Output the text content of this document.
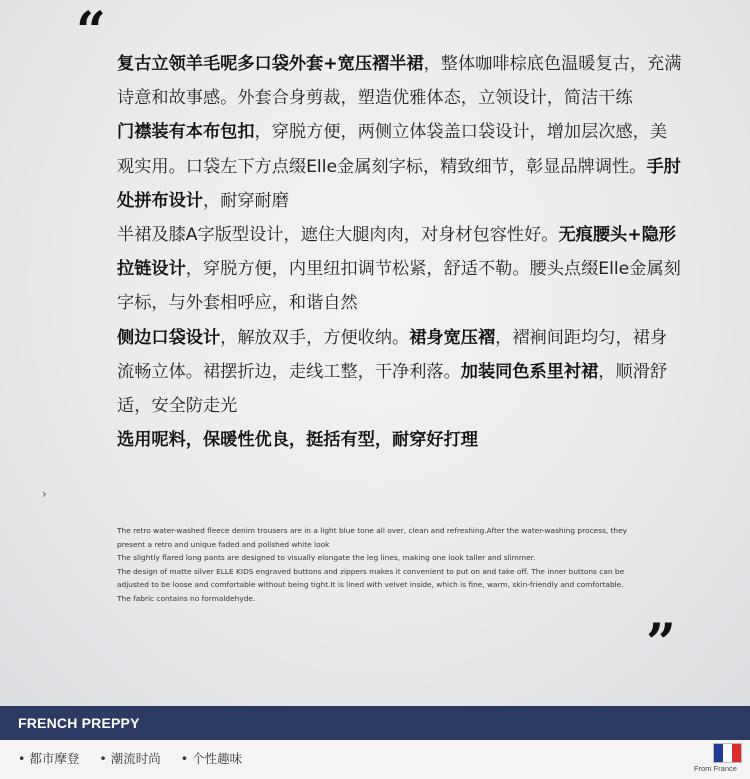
“
›

复古立领羊毛呢多口袋外套+宽压褶半裙，整体咖啡棕底色温暖复古，充满诗意和故事感。外套合身剪裁，塑造优雅体态，立领设计，简洁干练

门襟装有本布包扣，穿脱方便，两侧立体袋盖口袋设计，增加层次感，美观实用。口袋左下方点缀Elle金属刻字标，精致细节，彰显品牌调性。手肘处拼布设计，耐穿耐磨

半裙及膝A字版型设计，遮住大腿肉肉，对身材包容性好。无痕腰头+隐形拉链设计，穿脱方便，内里纽扣调节松紧，舒适不勒。腰头点缀Elle金属刻字标，与外套相呼应，和谐自然

侧边口袋设计，解放双手，方便收纳。裙身宽压褶，褶裥间距均匀，裙身流畅立体。裙摆折边，走线工整，干净利落。加装同色系里衬裙，顺滑舒适，安全防走光

选用呢料，保暖性优良，挺括有型，耐穿好打理

The retro water-washed fleece denim trousers are in a light blue tone all over, clean and refreshing.After the water-washing process, they present a retro and unique faded and polished white look

The slightly flared long pants are designed to visually elongate the leg lines, making one look taller and slimmer.

The design of matte silver ELLE KIDS engraved buttons and zippers makes it convenient to put on and take off. The inner buttons can be adjusted to be loose and comfortable without being tight.It is lined with velvet inside, which is fine, warm, skin-friendly and comfortable.

The fabric contains no formaldehyde.

”
FRENCH PREPPY
• 都市摩登 • 潮流时尚 • 个性趣味
From France
